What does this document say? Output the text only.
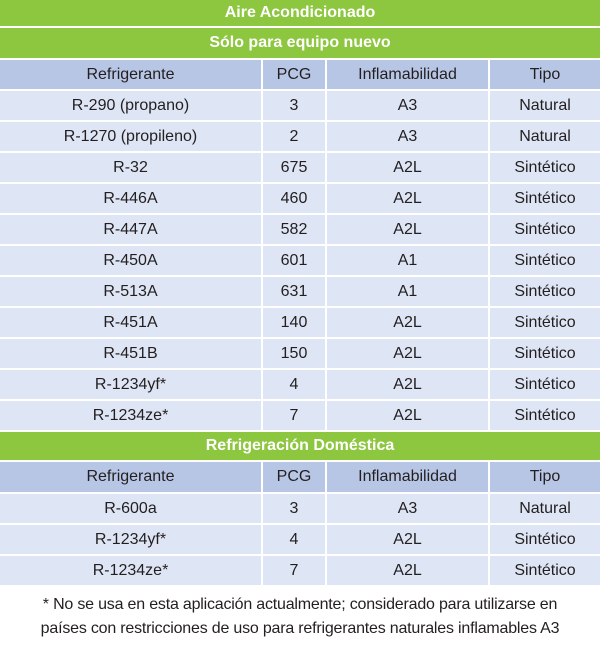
Aire Acondicionado
Sólo para equipo nuevo
Refrigerante	PCG	Inflamabilidad	Tipo
R-290 (propano)	3	A3	Natural
R-1270 (propileno)	2	A3	Natural
R-32	675	A2L	Sintético
R-446A	460	A2L	Sintético
R-447A	582	A2L	Sintético
R-450A	601	A1	Sintético
R-513A	631	A1	Sintético
R-451A	140	A2L	Sintético
R-451B	150	A2L	Sintético
R-1234yf*	4	A2L	Sintético
R-1234ze*	7	A2L	Sintético
Refrigeración Doméstica
Refrigerante	PCG	Inflamabilidad	Tipo
R-600a	3	A3	Natural
R-1234yf*	4	A2L	Sintético
R-1234ze*	7	A2L	Sintético
* No se usa en esta aplicación actualmente; considerado para utilizarse en
países con restricciones de uso para refrigerantes naturales inflamables A3
